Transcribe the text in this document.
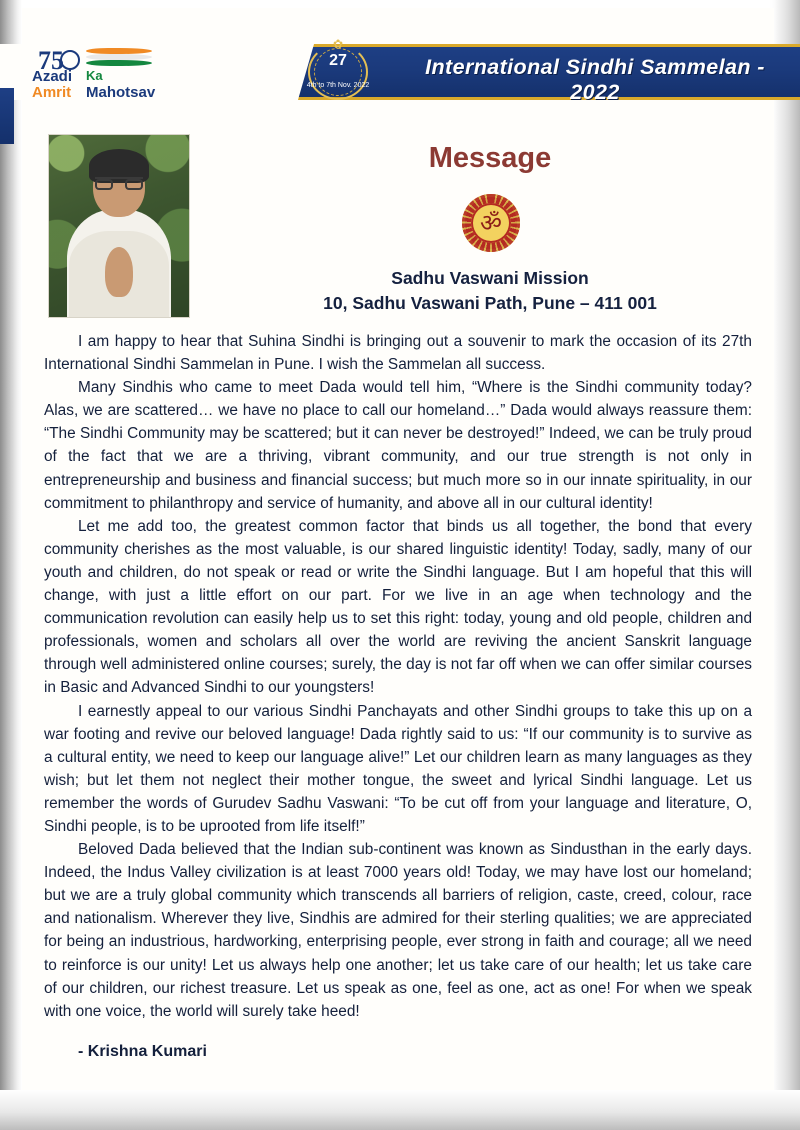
International Sindhi Sammelan - 2022
✿
27
4th to 7th Nov. 2022
75
Azadi
Amrit
Ka
Mahotsav
Message
ॐ
Sadhu Vaswani Mission
10, Sadhu Vaswani Path, Pune – 411 001

I am happy to hear that Suhina Sindhi is bringing out a souvenir to mark the occasion of its 27th International Sindhi Sammelan in Pune. I wish the Sammelan all success.

Many Sindhis who came to meet Dada would tell him, “Where is the Sindhi community today? Alas, we are scattered… we have no place to call our homeland…” Dada would always reassure them: “The Sindhi Community may be scattered; but it can never be destroyed!” Indeed, we can be truly proud of the fact that we are a thriving, vibrant community, and our true strength is not only in entrepreneurship and business and financial success; but much more so in our innate spirituality, in our commitment to philanthropy and service of humanity, and above all in our cultural identity!

Let me add too, the greatest common factor that binds us all together, the bond that every community cherishes as the most valuable, is our shared linguistic identity! Today, sadly, many of our youth and children, do not speak or read or write the Sindhi language. But I am hopeful that this will change, with just a little effort on our part. For we live in an age when technology and the communication revolution can easily help us to set this right: today, young and old people, children and professionals, women and scholars all over the world are reviving the ancient Sanskrit language through well administered online courses; surely, the day is not far off when we can offer similar courses in Basic and Advanced Sindhi to our youngsters!

I earnestly appeal to our various Sindhi Panchayats and other Sindhi groups to take this up on a war footing and revive our beloved language! Dada rightly said to us: “If our community is to survive as a cultural entity, we need to keep our language alive!” Let our children learn as many languages as they wish; but let them not neglect their mother tongue, the sweet and lyrical Sindhi language. Let us remember the words of Gurudev Sadhu Vaswani: “To be cut off from your language and literature, O, Sindhi people, is to be uprooted from life itself!”

Beloved Dada believed that the Indian sub-continent was known as Sindusthan in the early days. Indeed, the Indus Valley civilization is at least 7000 years old! Today, we may have lost our homeland; but we are a truly global community which transcends all barriers of religion, caste, creed, colour, race and nationalism. Wherever they live, Sindhis are admired for their sterling qualities; we are appreciated for being an industrious, hardworking, enterprising people, ever strong in faith and courage; all we need to reinforce is our unity! Let us always help one another; let us take care of our health; let us take care of our children, our richest treasure. Let us speak as one, feel as one, act as one! For when we speak with one voice, the world will surely take heed!

- Krishna Kumari
